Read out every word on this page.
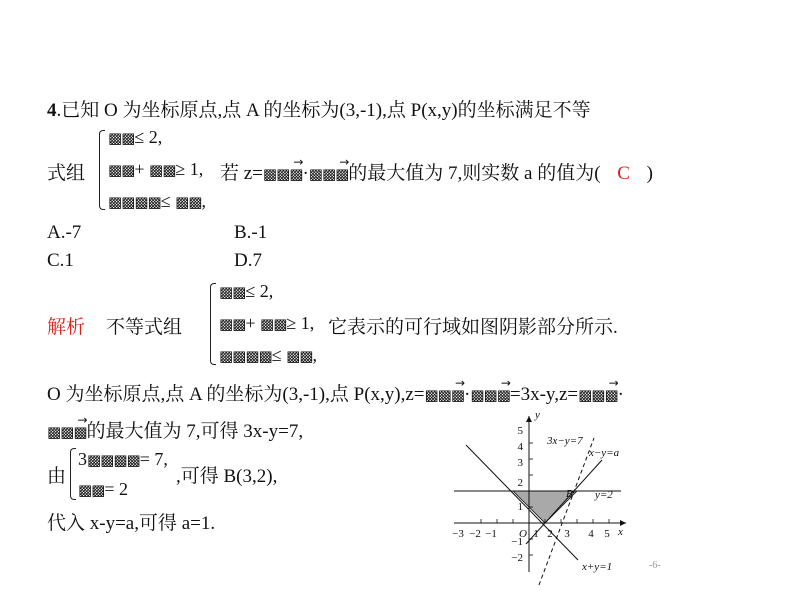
4.已知 O 为坐标原点,点 A 的坐标为(3,-1),点 P(x,y)的坐标满足不等
式组
▩▩≤ 2,
▩▩+ ▩▩≥ 1,
▩▩▩▩≤ ▩▩,
若 z=→ ▩▩▩·→ ▩▩▩的最大值为 7,则实数 a 的值为( C )
A.-7	B.-1
C.1	D.7
解析 不等式组
▩▩≤ 2,
▩▩+ ▩▩≥ 1,
▩▩▩▩≤ ▩▩,
它表示的可行域如图阴影部分所示.
O 为坐标原点,点 A 的坐标为(3,-1),点 P(x,y),z=→ ▩▩▩·→ ▩▩▩=3x-y,z=→ ▩▩▩·
→ ▩▩▩的最大值为 7,可得 3x-y=7,
由
3▩▩▩▩= 7,
▩▩= 2
,可得 B(3,2),
代入 x-y=a,可得 a=1.	−3 −2 −1	1 2 3 4 5
5
4
3
2
1
−1
−2
O	x
y
3x−y=7
x−y=a
y=2
x+y=1
B
-6-
